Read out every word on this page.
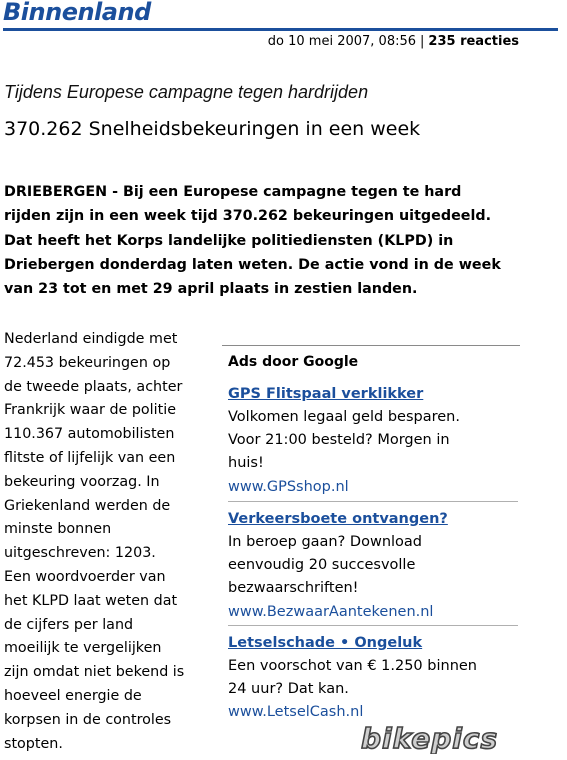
Binnenland
do 10 mei 2007, 08:56 | 235 reacties
Tijdens Europese campagne tegen hardrijden
370.262 Snelheidsbekeuringen in een week
DRIEBERGEN - Bij een Europese campagne tegen te hard
rijden zijn in een week tijd 370.262 bekeuringen uitgedeeld.
Dat heeft het Korps landelijke politiediensten (KLPD) in
Driebergen donderdag laten weten. De actie vond in de week
van 23 tot en met 29 april plaats in zestien landen.
Nederland eindigde met
72.453 bekeuringen op
de tweede plaats, achter
Frankrijk waar de politie
110.367 automobilisten
flitste of lijfelijk van een
bekeuring voorzag. In
Griekenland werden de
minste bonnen
uitgeschreven: 1203.
Een woordvoerder van
het KLPD laat weten dat
de cijfers per land
moeilijk te vergelijken
zijn omdat niet bekend is
hoeveel energie de
korpsen in de controles
stopten.
Ads door Google
GPS Flitspaal verklikker
Volkomen legaal geld besparen.
Voor 21:00 besteld? Morgen in
huis!
www.GPSshop.nl
Verkeersboete ontvangen?
In beroep gaan? Download
eenvoudig 20 succesvolle
bezwaarschriften!
www.BezwaarAantekenen.nl
Letselschade • Ongeluk
Een voorschot van € 1.250 binnen
24 uur? Dat kan.
www.LetselCash.nl
bikepics
